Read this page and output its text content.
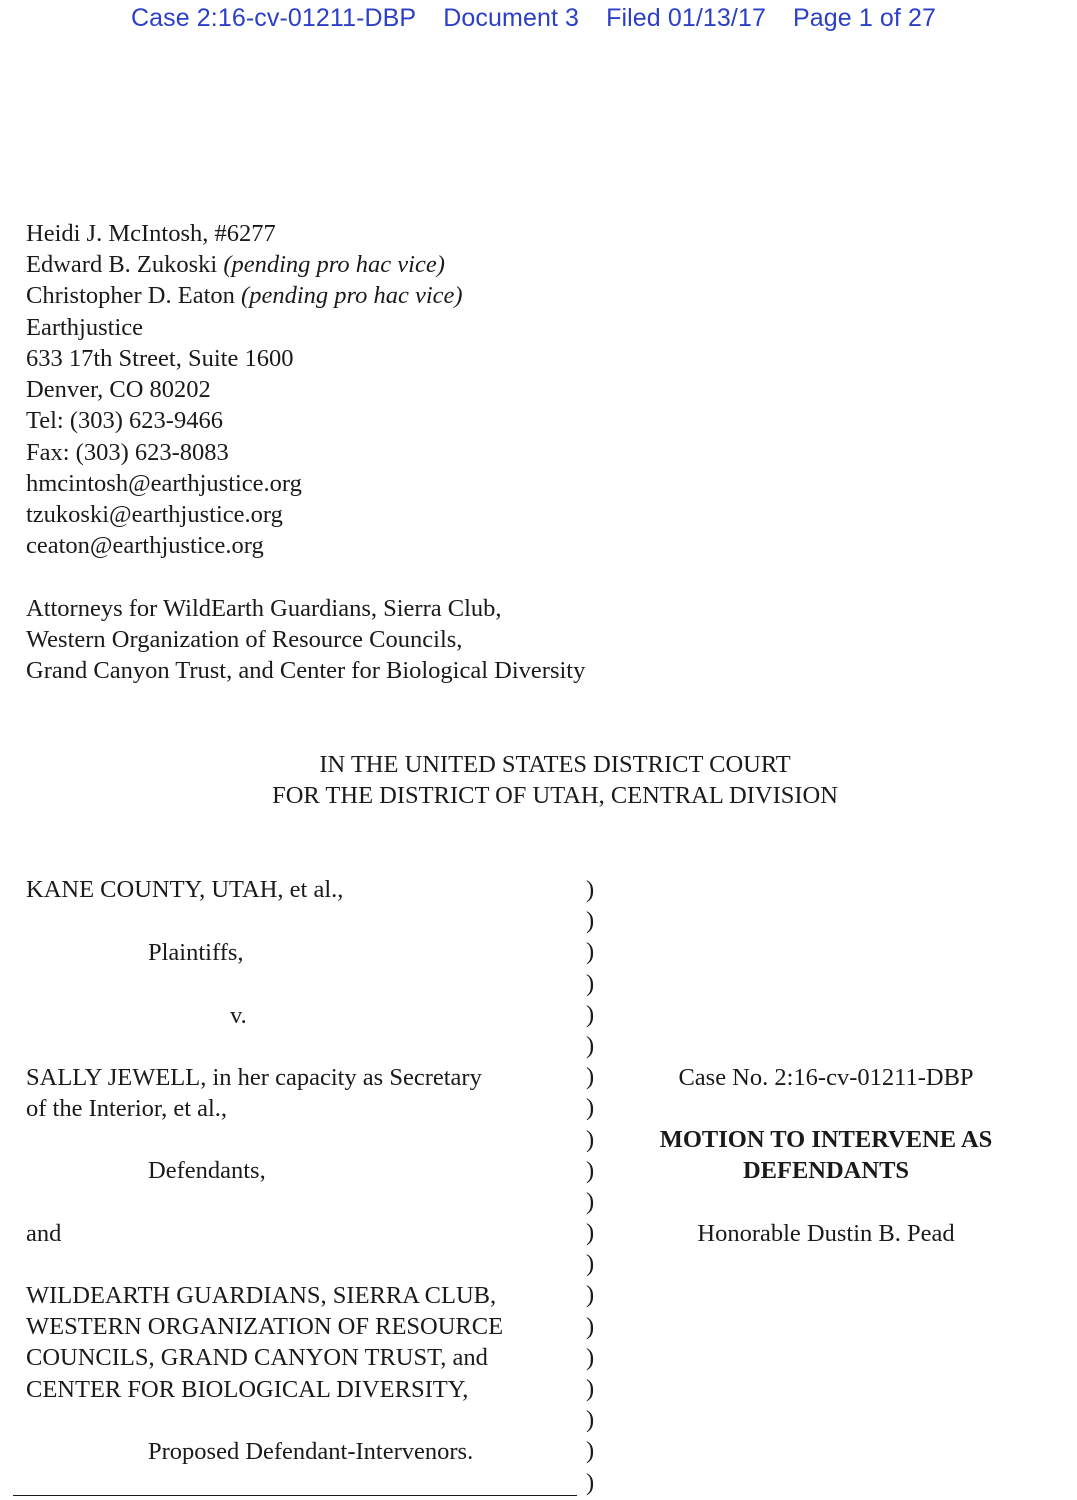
Case 2:16-cv-01211-DBP Document 3 Filed 01/13/17 Page 1 of 27
Heidi J. McIntosh, #6277
Edward B. Zukoski (pending pro hac vice)
Christopher D. Eaton (pending pro hac vice)
Earthjustice
633 17th Street, Suite 1600
Denver, CO 80202
Tel: (303) 623-9466
Fax: (303) 623-8083
hmcintosh@earthjustice.org
tzukoski@earthjustice.org
ceaton@earthjustice.org
Attorneys for WildEarth Guardians, Sierra Club,
Western Organization of Resource Councils,
Grand Canyon Trust, and Center for Biological Diversity
IN THE UNITED STATES DISTRICT COURT
FOR THE DISTRICT OF UTAH, CENTRAL DIVISION
KANE COUNTY, UTAH, et al.,
Plaintiffs,
v.
SALLY JEWELL, in her capacity as Secretary
of the Interior, et al.,
Defendants,
and
WILDEARTH GUARDIANS, SIERRA CLUB,
WESTERN ORGANIZATION OF RESOURCE
COUNCILS, GRAND CANYON TRUST, and
CENTER FOR BIOLOGICAL DIVERSITY,
Proposed Defendant-Intervenors.
)
)
)
)
)
)
)
)
)
)
)
)
)
)
)
)
)
)
)
)
Case No. 2:16-cv-01211-DBP
MOTION TO INTERVENE AS
DEFENDANTS
Honorable Dustin B. Pead
